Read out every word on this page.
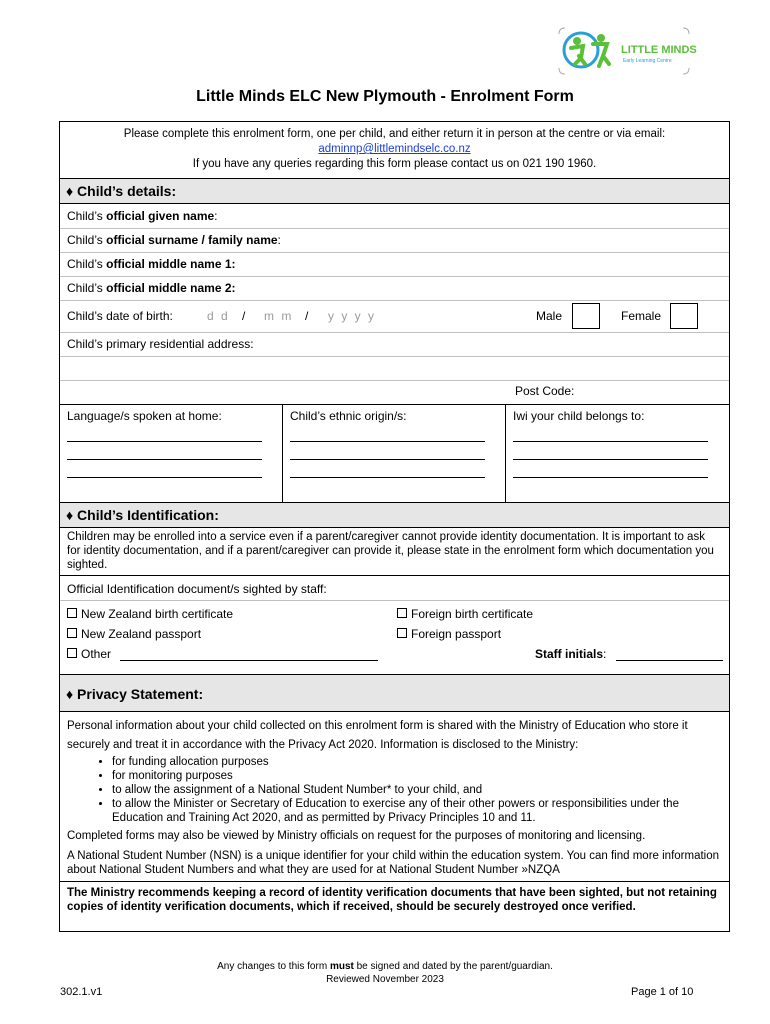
LITTLE MINDS
Early Learning Centre
Little Minds ELC New Plymouth - Enrolment Form
Please complete this enrolment form, one per child, and either return it in person at the centre or via email:
adminnp@littlemindselc.co.nz
If you have any queries regarding this form please contact us on 021 190 1960.
♦ Child’s details:
Child’s official given name:
Child’s official surname / family name:
Child’s official middle name 1:
Child’s official middle name 2:
Child’s date of birth:	d d / m m / y y y y	Male	Female
Child’s primary residential address:
Post Code:
Language/s spoken at home:	Child’s ethnic origin/s:	Iwi your child belongs to:
♦ Child’s Identification:
Children may be enrolled into a service even if a parent/caregiver cannot provide identity documentation. It is important to ask for identity documentation, and if a parent/caregiver can provide it, please state in the enrolment form which documentation you sighted.
Official Identification document/s sighted by staff:
New Zealand birth certificate	Foreign birth certificate
New Zealand passport	Foreign passport
Other	Staff initials:
♦ Privacy Statement:
Personal information about your child collected on this enrolment form is shared with the Ministry of Education who store it securely and treat it in accordance with the Privacy Act 2020. Information is disclosed to the Ministry:
• for funding allocation purposes
• for monitoring purposes
• to allow the assignment of a National Student Number* to your child, and
• to allow the Minister or Secretary of Education to exercise any of their other powers or responsibilities under the Education and Training Act 2020, and as permitted by Privacy Principles 10 and 11.
Completed forms may also be viewed by Ministry officials on request for the purposes of monitoring and licensing.
A National Student Number (NSN) is a unique identifier for your child within the education system. You can find more information about National Student Numbers and what they are used for at National Student Number »NZQA
The Ministry recommends keeping a record of identity verification documents that have been sighted, but not retaining copies of identity verification documents, which if received, should be securely destroyed once verified.
Any changes to this form must be signed and dated by the parent/guardian.
Reviewed November 2023
302.1.v1	Page 1 of 10
